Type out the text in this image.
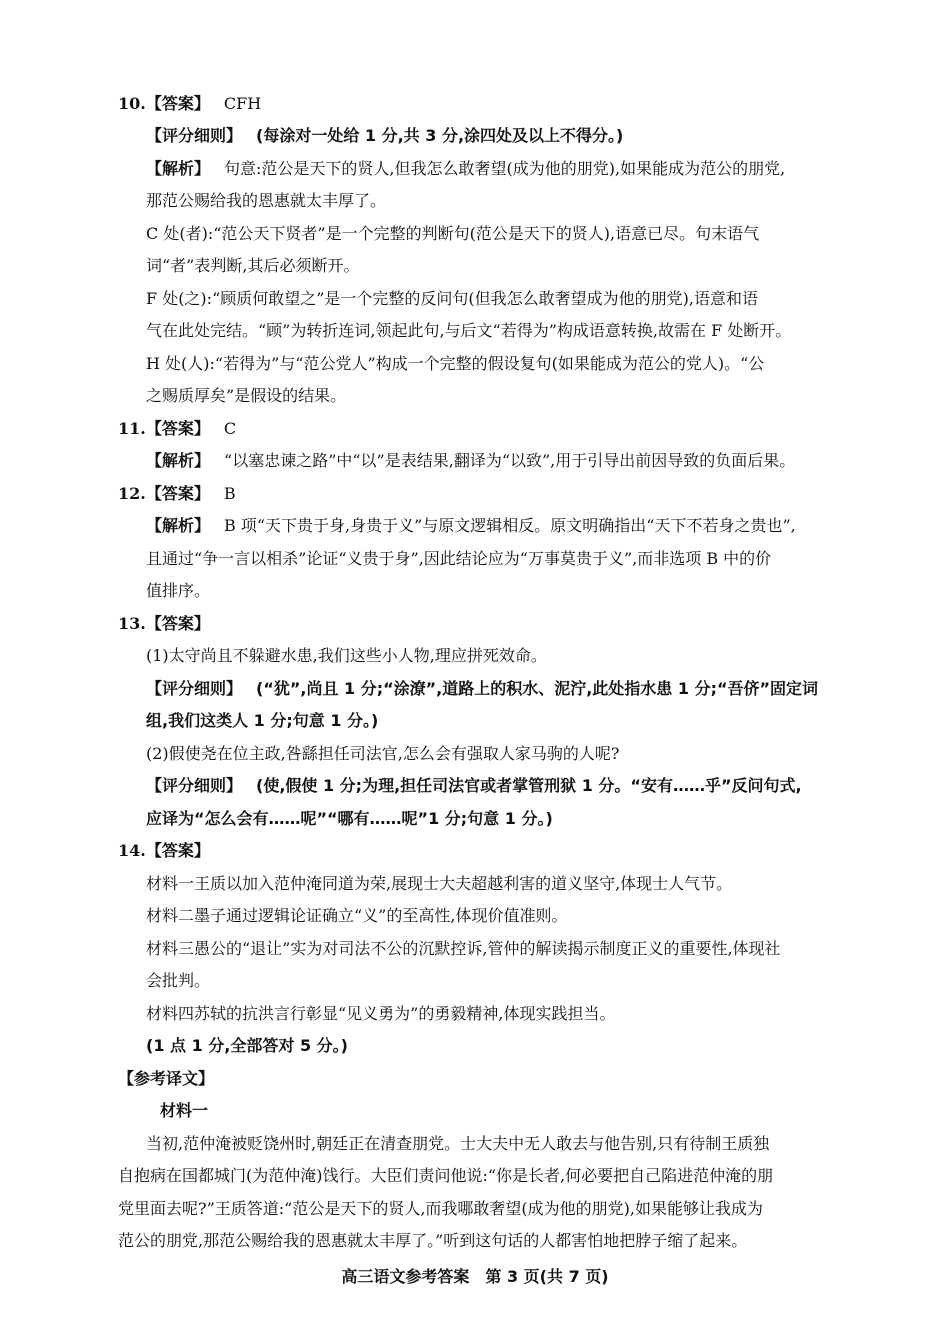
10.【答案】 CFH
【评分细则】 (每涂对一处给 1 分,共 3 分,涂四处及以上不得分。)
【解析】 句意:范公是天下的贤人,但我怎么敢奢望(成为他的朋党),如果能成为范公的朋党,
那范公赐给我的恩惠就太丰厚了。
C 处(者):“范公天下贤者”是一个完整的判断句(范公是天下的贤人),语意已尽。句末语气
词“者”表判断,其后必须断开。
F 处(之):“顾质何敢望之”是一个完整的反问句(但我怎么敢奢望成为他的朋党),语意和语
气在此处完结。“顾”为转折连词,领起此句,与后文“若得为”构成语意转换,故需在 F 处断开。
H 处(人):“若得为”与“范公党人”构成一个完整的假设复句(如果能成为范公的党人)。“公
之赐质厚矣”是假设的结果。
11.【答案】 C
【解析】 “以塞忠谏之路”中“以”是表结果,翻译为“以致”,用于引导出前因导致的负面后果。
12.【答案】 B
【解析】 B 项“天下贵于身,身贵于义”与原文逻辑相反。原文明确指出“天下不若身之贵也”,
且通过“争一言以相杀”论证“义贵于身”,因此结论应为“万事莫贵于义”,而非选项 B 中的价
值排序。
13.【答案】
(1)太守尚且不躲避水患,我们这些小人物,理应拼死效命。
【评分细则】 (“犹”,尚且 1 分;“涂潦”,道路上的积水、泥泞,此处指水患 1 分;“吾侪”固定词
组,我们这类人 1 分;句意 1 分。)
(2)假使尧在位主政,咎繇担任司法官,怎么会有强取人家马驹的人呢?
【评分细则】 (使,假使 1 分;为理,担任司法官或者掌管刑狱 1 分。“安有……乎”反问句式,
应译为“怎么会有……呢”“哪有……呢”1 分;句意 1 分。)
14.【答案】
材料一王质以加入范仲淹同道为荣,展现士大夫超越利害的道义坚守,体现士人气节。
材料二墨子通过逻辑论证确立“义”的至高性,体现价值准则。
材料三愚公的“退让”实为对司法不公的沉默控诉,管仲的解读揭示制度正义的重要性,体现社
会批判。
材料四苏轼的抗洪言行彰显“见义勇为”的勇毅精神,体现实践担当。
(1 点 1 分,全部答对 5 分。)
【参考译文】
材料一
当初,范仲淹被贬饶州时,朝廷正在清查朋党。士大夫中无人敢去与他告别,只有待制王质独
自抱病在国都城门(为范仲淹)饯行。大臣们责问他说:“你是长者,何必要把自己陷进范仲淹的朋
党里面去呢?”王质答道:“范公是天下的贤人,而我哪敢奢望(成为他的朋党),如果能够让我成为
范公的朋党,那范公赐给我的恩惠就太丰厚了。”听到这句话的人都害怕地把脖子缩了起来。
高三语文参考答案　第 3 页(共 7 页)
